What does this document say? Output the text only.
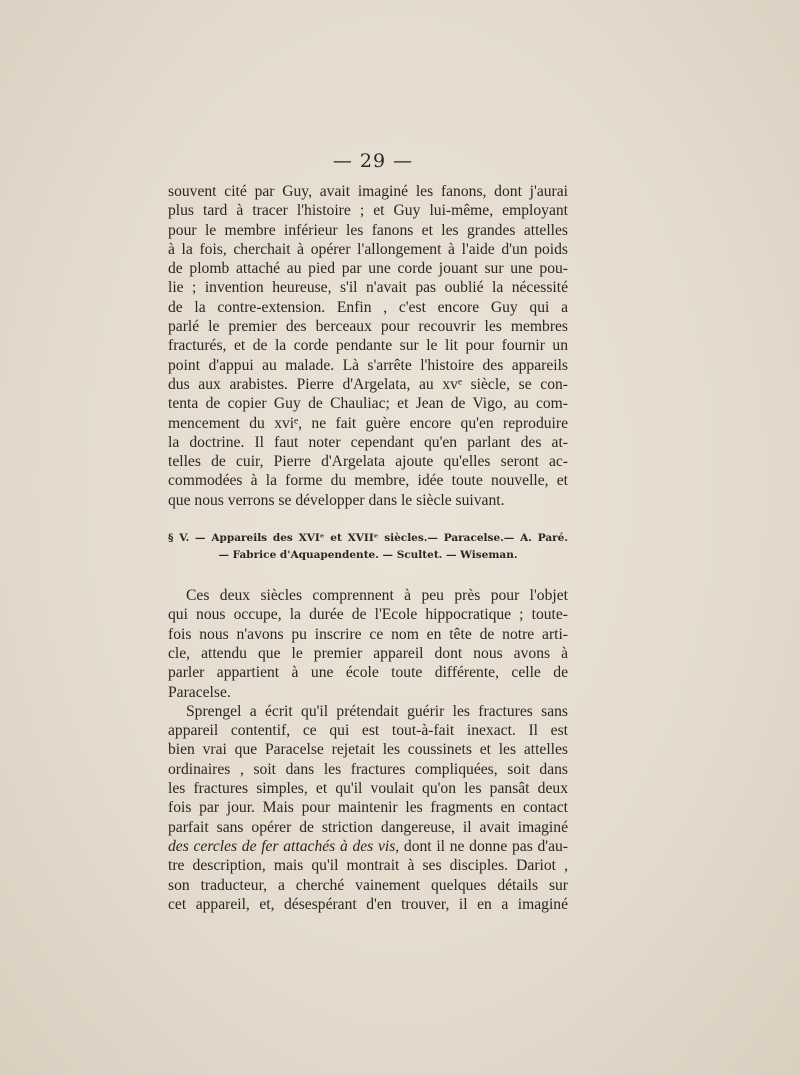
— 29 —
souvent cité par Guy, avait imaginé les fanons, dont j'aurai
plus tard à tracer l'histoire ; et Guy lui-même, employant
pour le membre inférieur les fanons et les grandes attelles
à la fois, cherchait à opérer l'allongement à l'aide d'un poids
de plomb attaché au pied par une corde jouant sur une pou-
lie ; invention heureuse, s'il n'avait pas oublié la nécessité
de la contre-extension. Enfin , c'est encore Guy qui a
parlé le premier des berceaux pour recouvrir les membres
fracturés, et de la corde pendante sur le lit pour fournir un
point d'appui au malade. Là s'arrête l'histoire des appareils
dus aux arabistes. Pierre d'Argelata, au xvᵉ siècle, se con-
tenta de copier Guy de Chauliac; et Jean de Vigo, au com-
mencement du xviᵉ, ne fait guère encore qu'en reproduire
la doctrine. Il faut noter cependant qu'en parlant des at-
telles de cuir, Pierre d'Argelata ajoute qu'elles seront ac-
commodées à la forme du membre, idée toute nouvelle, et
que nous verrons se développer dans le siècle suivant.
§ V. — Appareils des XVIᵉ et XVIIᵉ siècles.— Paracelse.— A. Paré.
— Fabrice d'Aquapendente. — Scultet. — Wiseman.
Ces deux siècles comprennent à peu près pour l'objet
qui nous occupe, la durée de l'Ecole hippocratique ; toute-
fois nous n'avons pu inscrire ce nom en tête de notre arti-
cle, attendu que le premier appareil dont nous avons à
parler appartient à une école toute différente, celle de
Paracelse.
Sprengel a écrit qu'il prétendait guérir les fractures sans
appareil contentif, ce qui est tout-à-fait inexact. Il est
bien vrai que Paracelse rejetait les coussinets et les attelles
ordinaires , soit dans les fractures compliquées, soit dans
les fractures simples, et qu'il voulait qu'on les pansât deux
fois par jour. Mais pour maintenir les fragments en contact
parfait sans opérer de striction dangereuse, il avait imaginé
des cercles de fer attachés à des vis, dont il ne donne pas d'au-
tre description, mais qu'il montrait à ses disciples. Dariot ,
son traducteur, a cherché vainement quelques détails sur
cet appareil, et, désespérant d'en trouver, il en a imaginé
